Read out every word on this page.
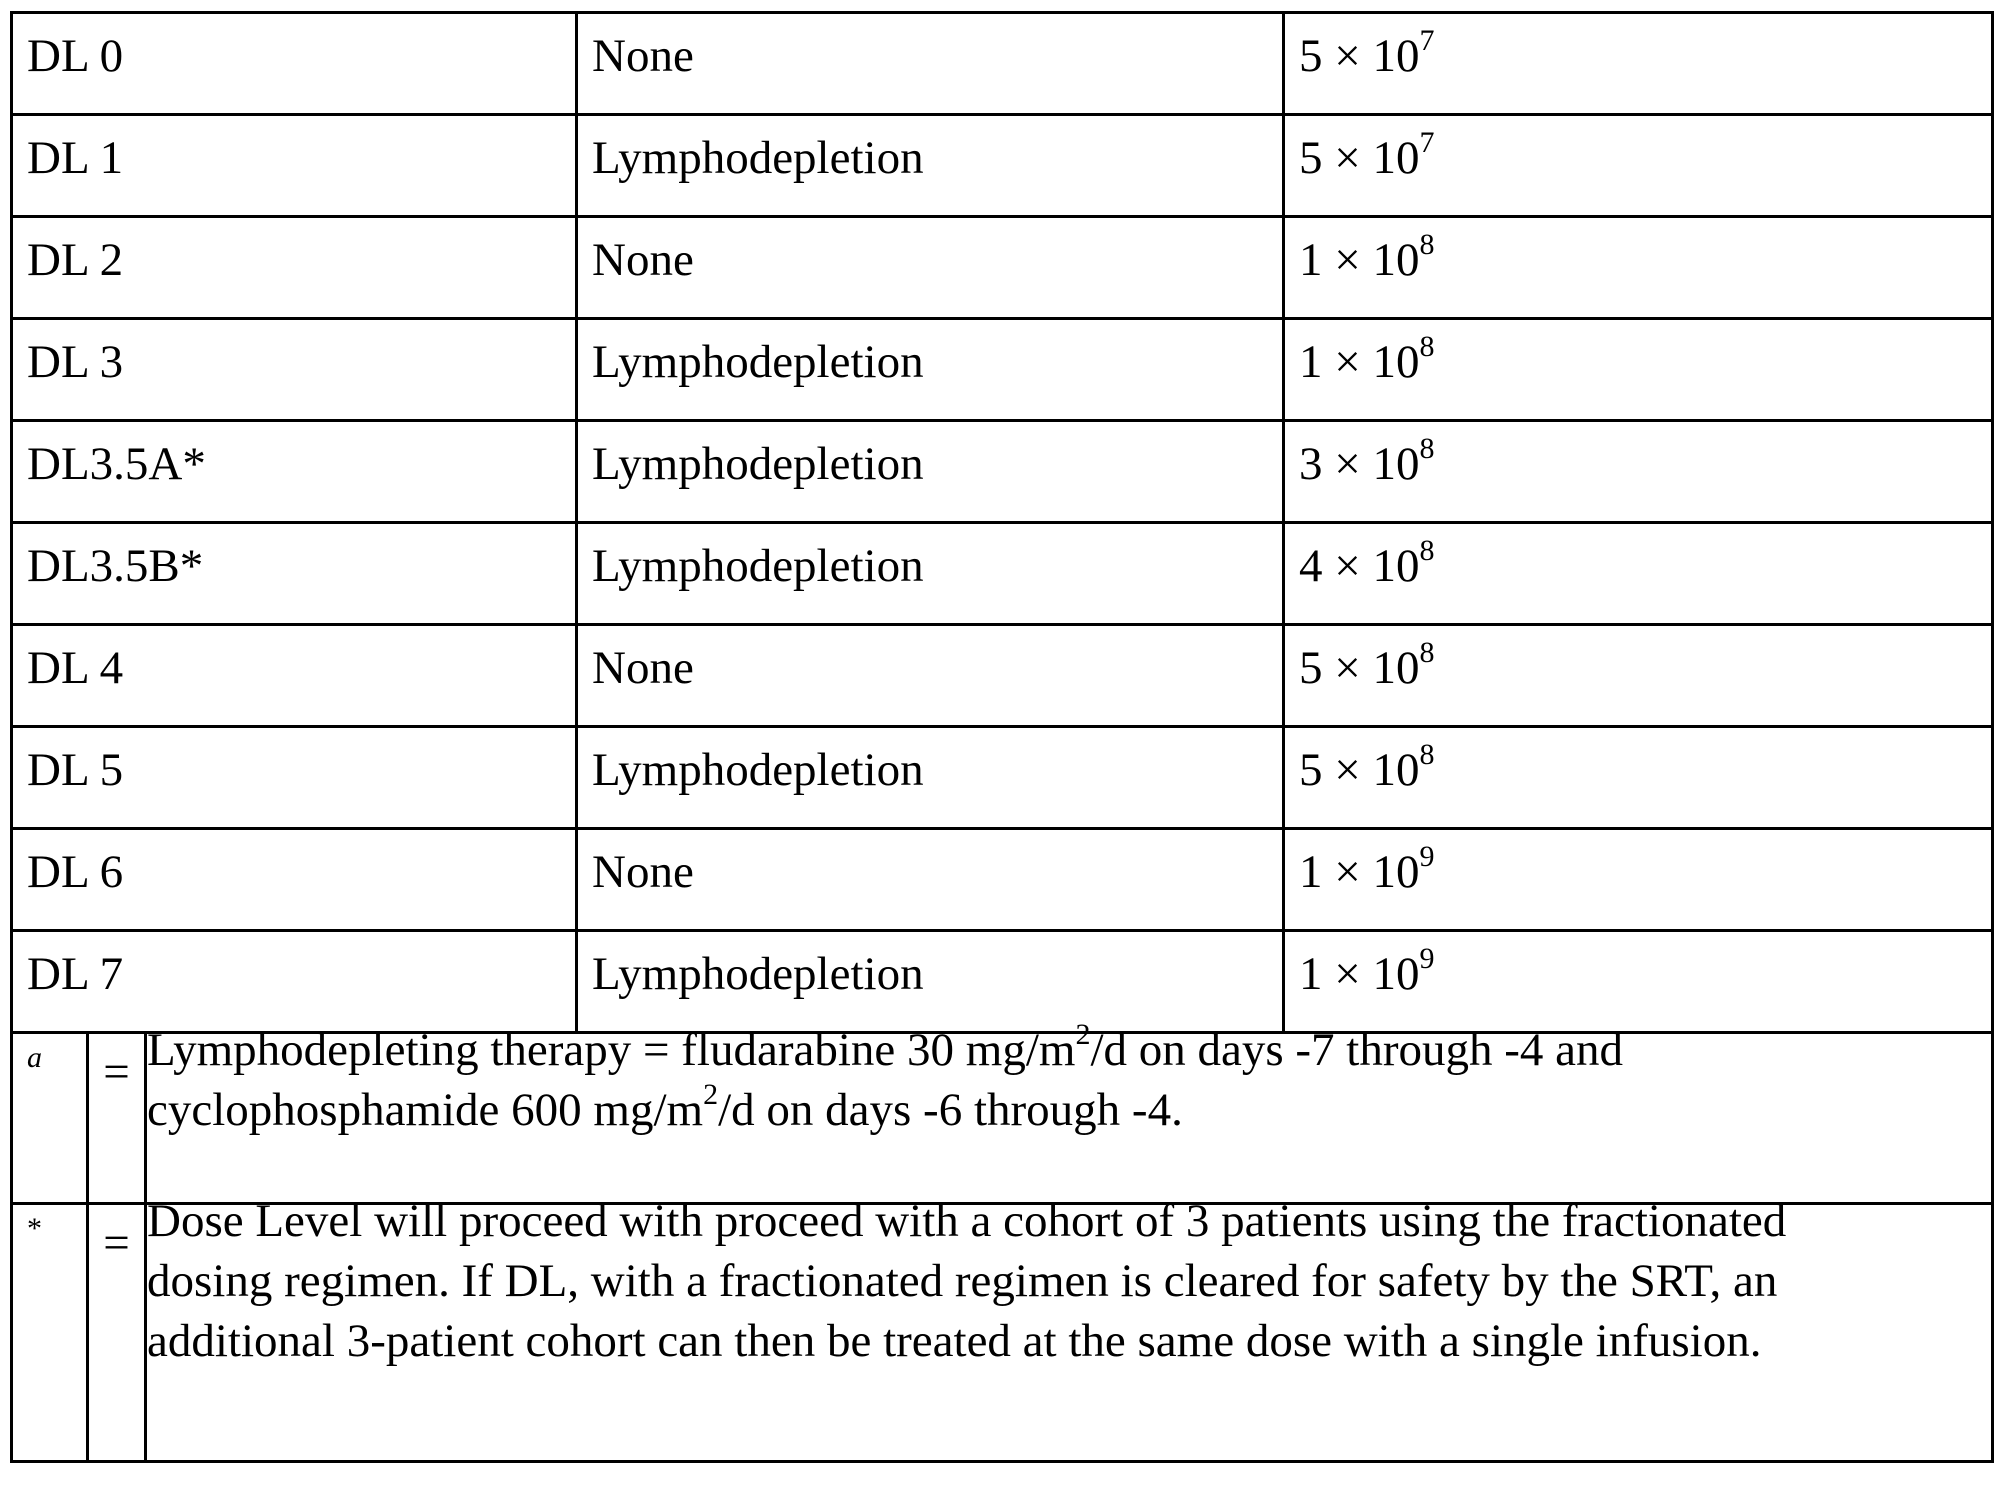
DL 0			None	$5 \times 10^7$

DL 1			Lymphodepletion	$5 \times 10^7$

DL 2			None	$1 \times 10^8$

DL 3			Lymphodepletion	$1 \times 10^8$

DL3.5A*			Lymphodepletion	$3 \times 10^8$

DL3.5B*			Lymphodepletion	$4 \times 10^8$

DL 4			None	$5 \times 10^8$

DL 5			Lymphodepletion	$5 \times 10^8$

DL 6			None	$1 \times 10^9$

DL 7			Lymphodepletion	$1 \times 10^9$

a	=	Lymphodepleting therapy = fludarabine 30 $mg/m^2/d$ on days -7 through -4 and
cyclophosphamide 600 $mg/m^2/d$ on days -6 through -4.		

*	=	Dose Level will proceed with proceed with a cohort of 3 patients using the fractionated
dosing regimen. If DL, with a fractionated regimen is cleared for safety by the SRT, an
additional 3-patient cohort can then be treated at the same dose with a single infusion.		
